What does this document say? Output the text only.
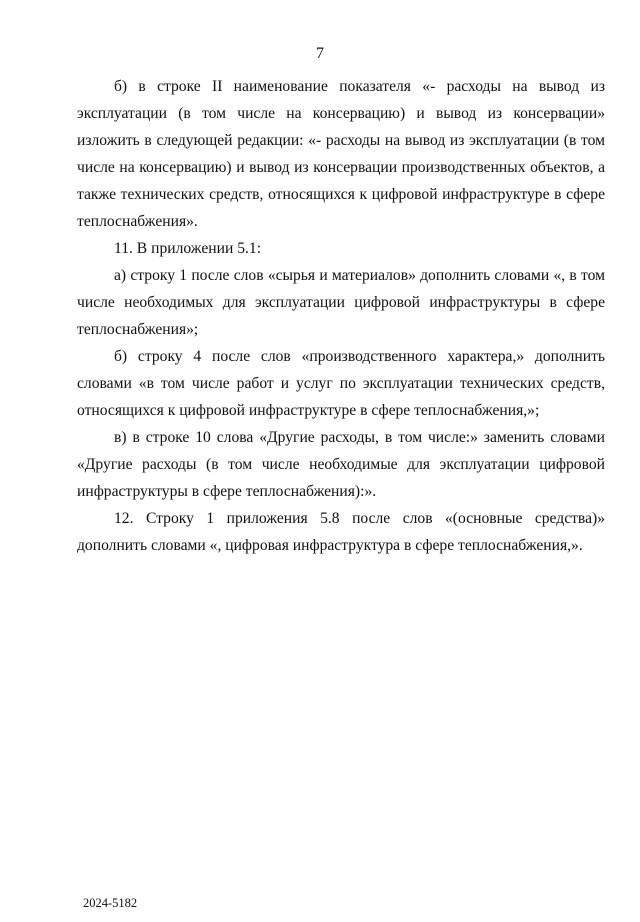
7

б) в строке II наименование показателя «- расходы на вывод из эксплуатации (в том числе на консервацию) и вывод из консервации» изложить в следующей редакции: «- расходы на вывод из эксплуатации (в том числе на консервацию) и вывод из консервации производственных объектов, а также технических средств, относящихся к цифровой инфраструктуре в сфере теплоснабжения».

11. В приложении 5.1:

а) строку 1 после слов «сырья и материалов» дополнить словами «, в том числе необходимых для эксплуатации цифровой инфраструктуры в сфере теплоснабжения»;

б) строку 4 после слов «производственного характера,» дополнить словами «в том числе работ и услуг по эксплуатации технических средств, относящихся к цифровой инфраструктуре в сфере теплоснабжения,»;

в) в строке 10 слова «Другие расходы, в том числе:» заменить словами «Другие расходы (в том числе необходимые для эксплуатации цифровой инфраструктуры в сфере теплоснабжения):».

12. Строку 1 приложения 5.8 после слов «(основные средства)» дополнить словами «, цифровая инфраструктура в сфере теплоснабжения,».

2024-5182
